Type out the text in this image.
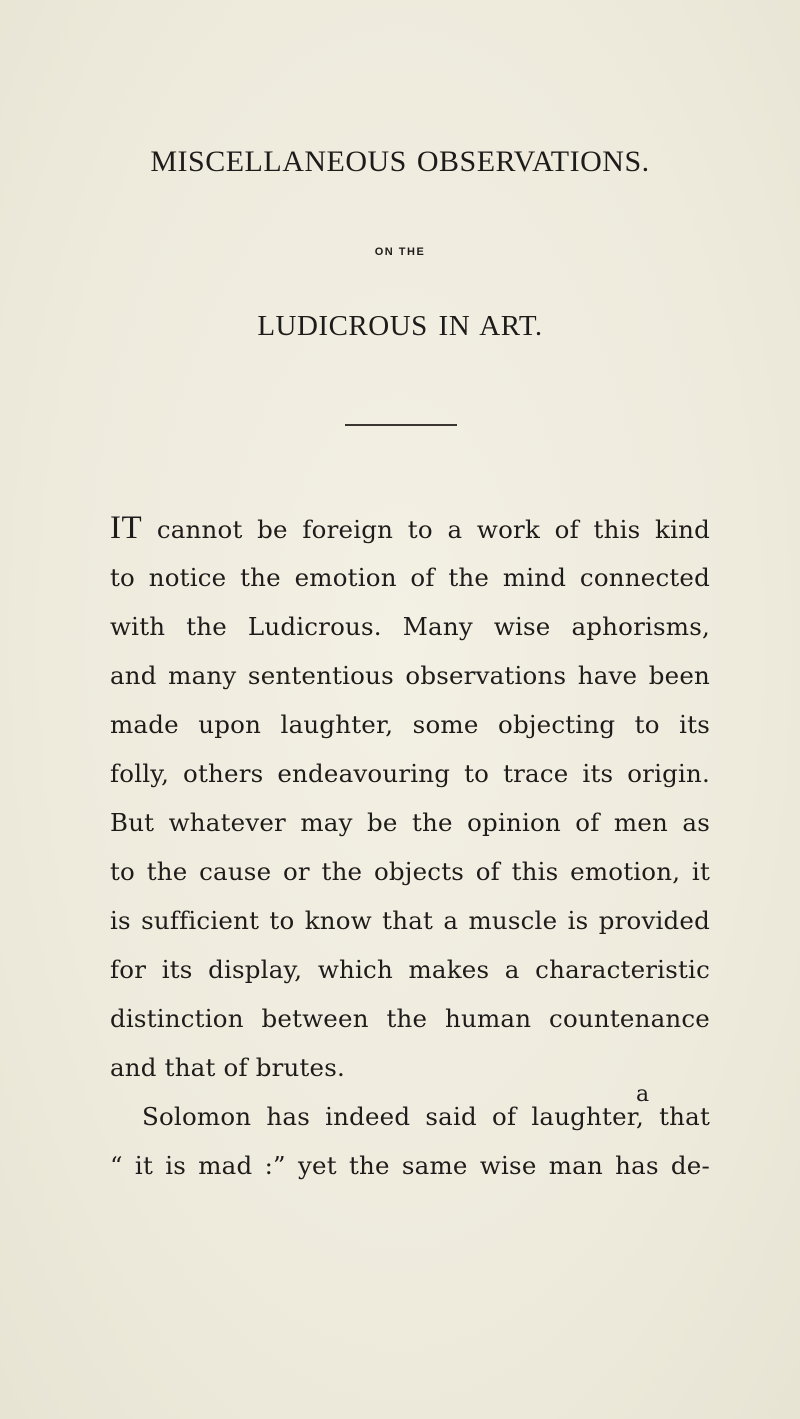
MISCELLANEOUS OBSERVATIONS.
ON THE
LUDICROUS IN ART.
IT cannot be foreign to a work of this kind
to notice the emotion of the mind connected
with the Ludicrous. Many wise aphorisms,
and many sententious observations have been
made upon laughter, some objecting to its
folly, others endeavouring to trace its origin.
But whatever may be the opinion of men as
to the cause or the objects of this emotion, it
is sufficient to know that a muscle is provided
for its display, which makes a characteristic
distinction between the human countenance
and that of brutes.
Solomon has indeed said of laughter, that
“ it is mad :” yet the same wise man has de-
a
